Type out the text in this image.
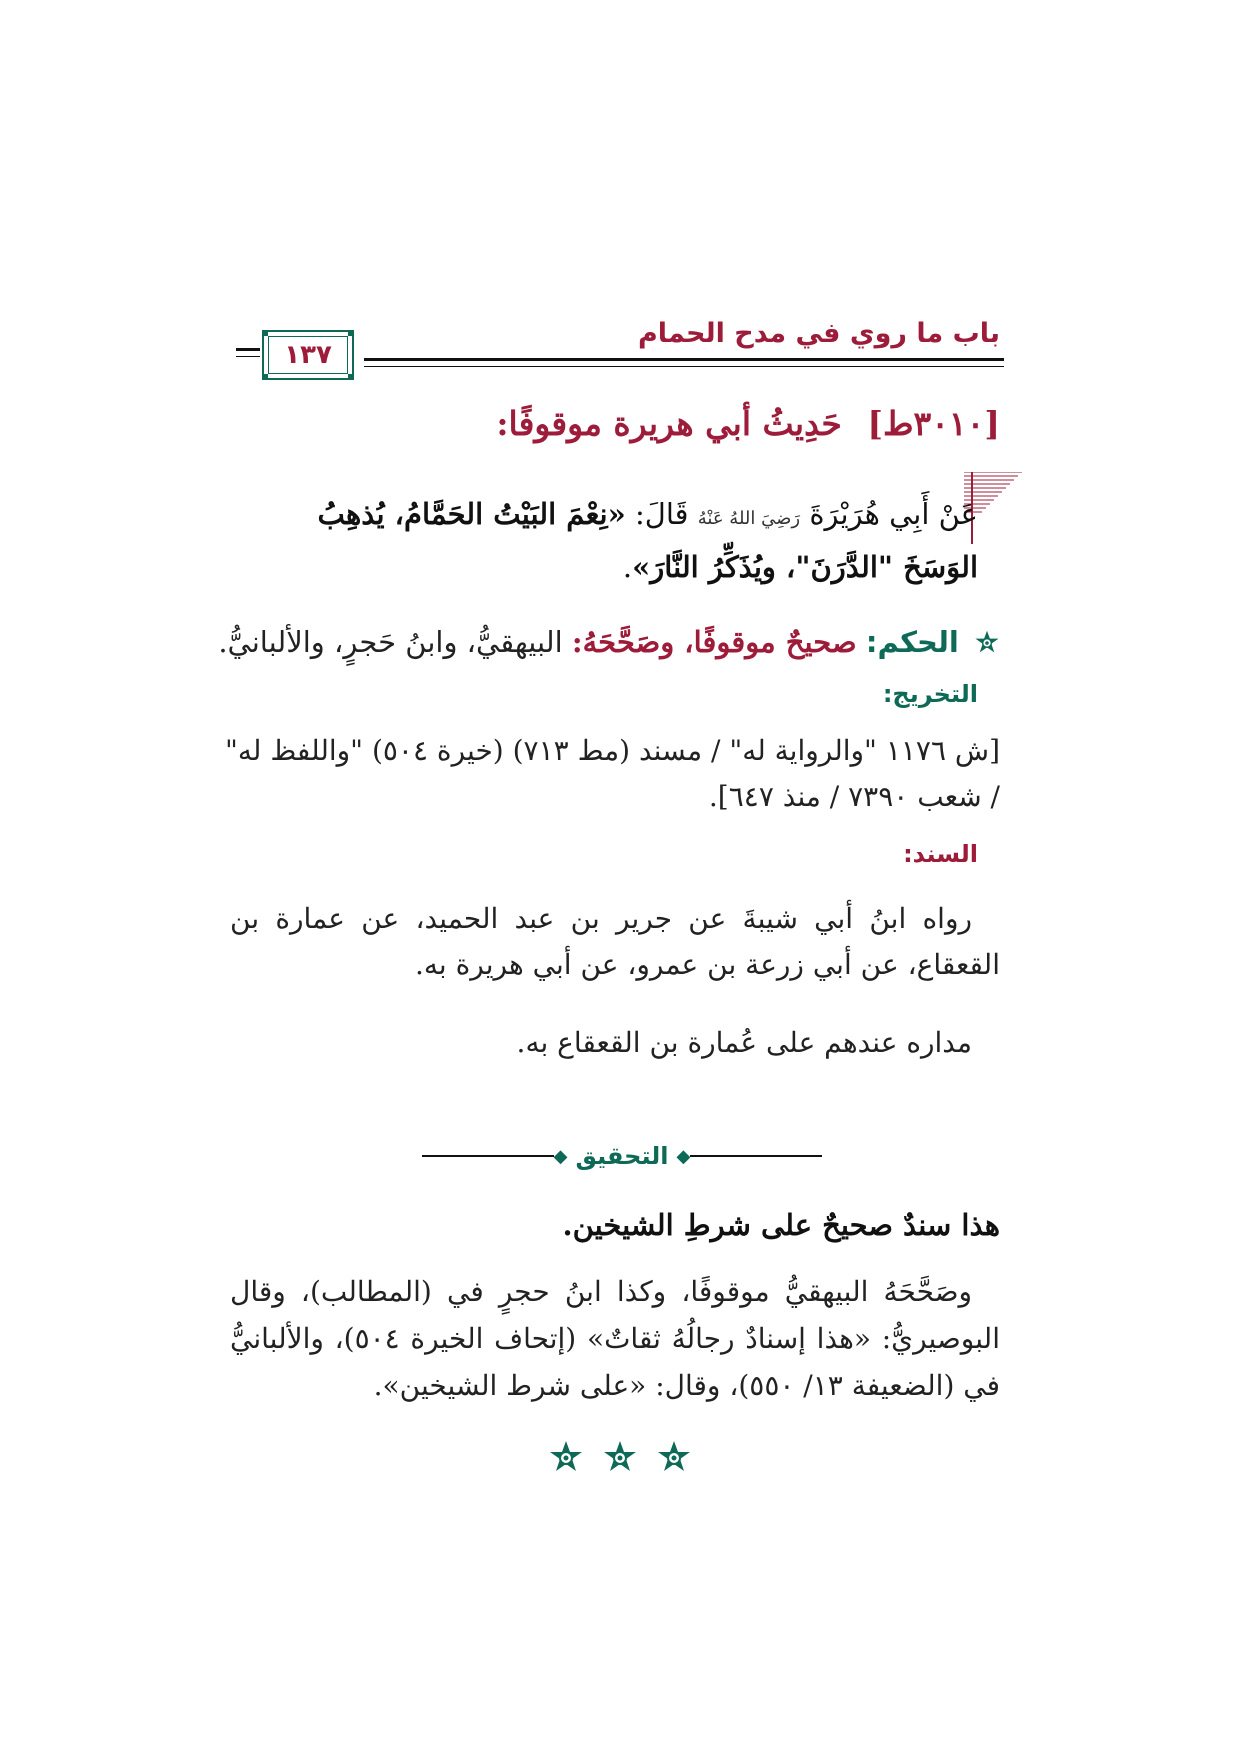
باب ما روي في مدح الحمام
١٣٧
[٣٠١٠ط] حَدِيثُ أبي هريرة موقوفًا:
عَنْ أَبِي هُرَيْرَةَ رَضِيَ اللهُ عَنْهُ قَالَ: «نِعْمَ البَيْتُ الحَمَّامُ، يُذهِبُ الوَسَخَ "الدَّرَنَ"، ويُذَكِّرُ النَّارَ».
الحكم: صحيحٌ موقوفًا، وصَحَّحَهُ: البيهقيُّ، وابنُ حَجرٍ، والألبانيُّ.
التخريج:
[ش ١١٧٦ "والرواية له" / مسند (مط ٧١٣) (خيرة ٥٠٤) "واللفظ له"
/ شعب ٧٣٩٠ / منذ ٦٤٧].
السند:
رواه ابنُ أبي شيبةَ عن جرير بن عبد الحميد، عن عمارة بن القعقاع، عن أبي زرعة بن عمرو، عن أبي هريرة به.
مداره عندهم على عُمارة بن القعقاع به.
◆
التحقيق
◆
هذا سندٌ صحيحٌ على شرطِ الشيخين.
وصَحَّحَهُ البيهقيُّ موقوفًا، وكذا ابنُ حجرٍ في (المطالب)، وقال البوصيريُّ: «هذا إسنادٌ رجالُهُ ثقاتٌ» (إتحاف الخيرة ٥٠٤)، والألبانيُّ في (الضعيفة ١٣/ ٥٥٠)، وقال: «على شرط الشيخين».
